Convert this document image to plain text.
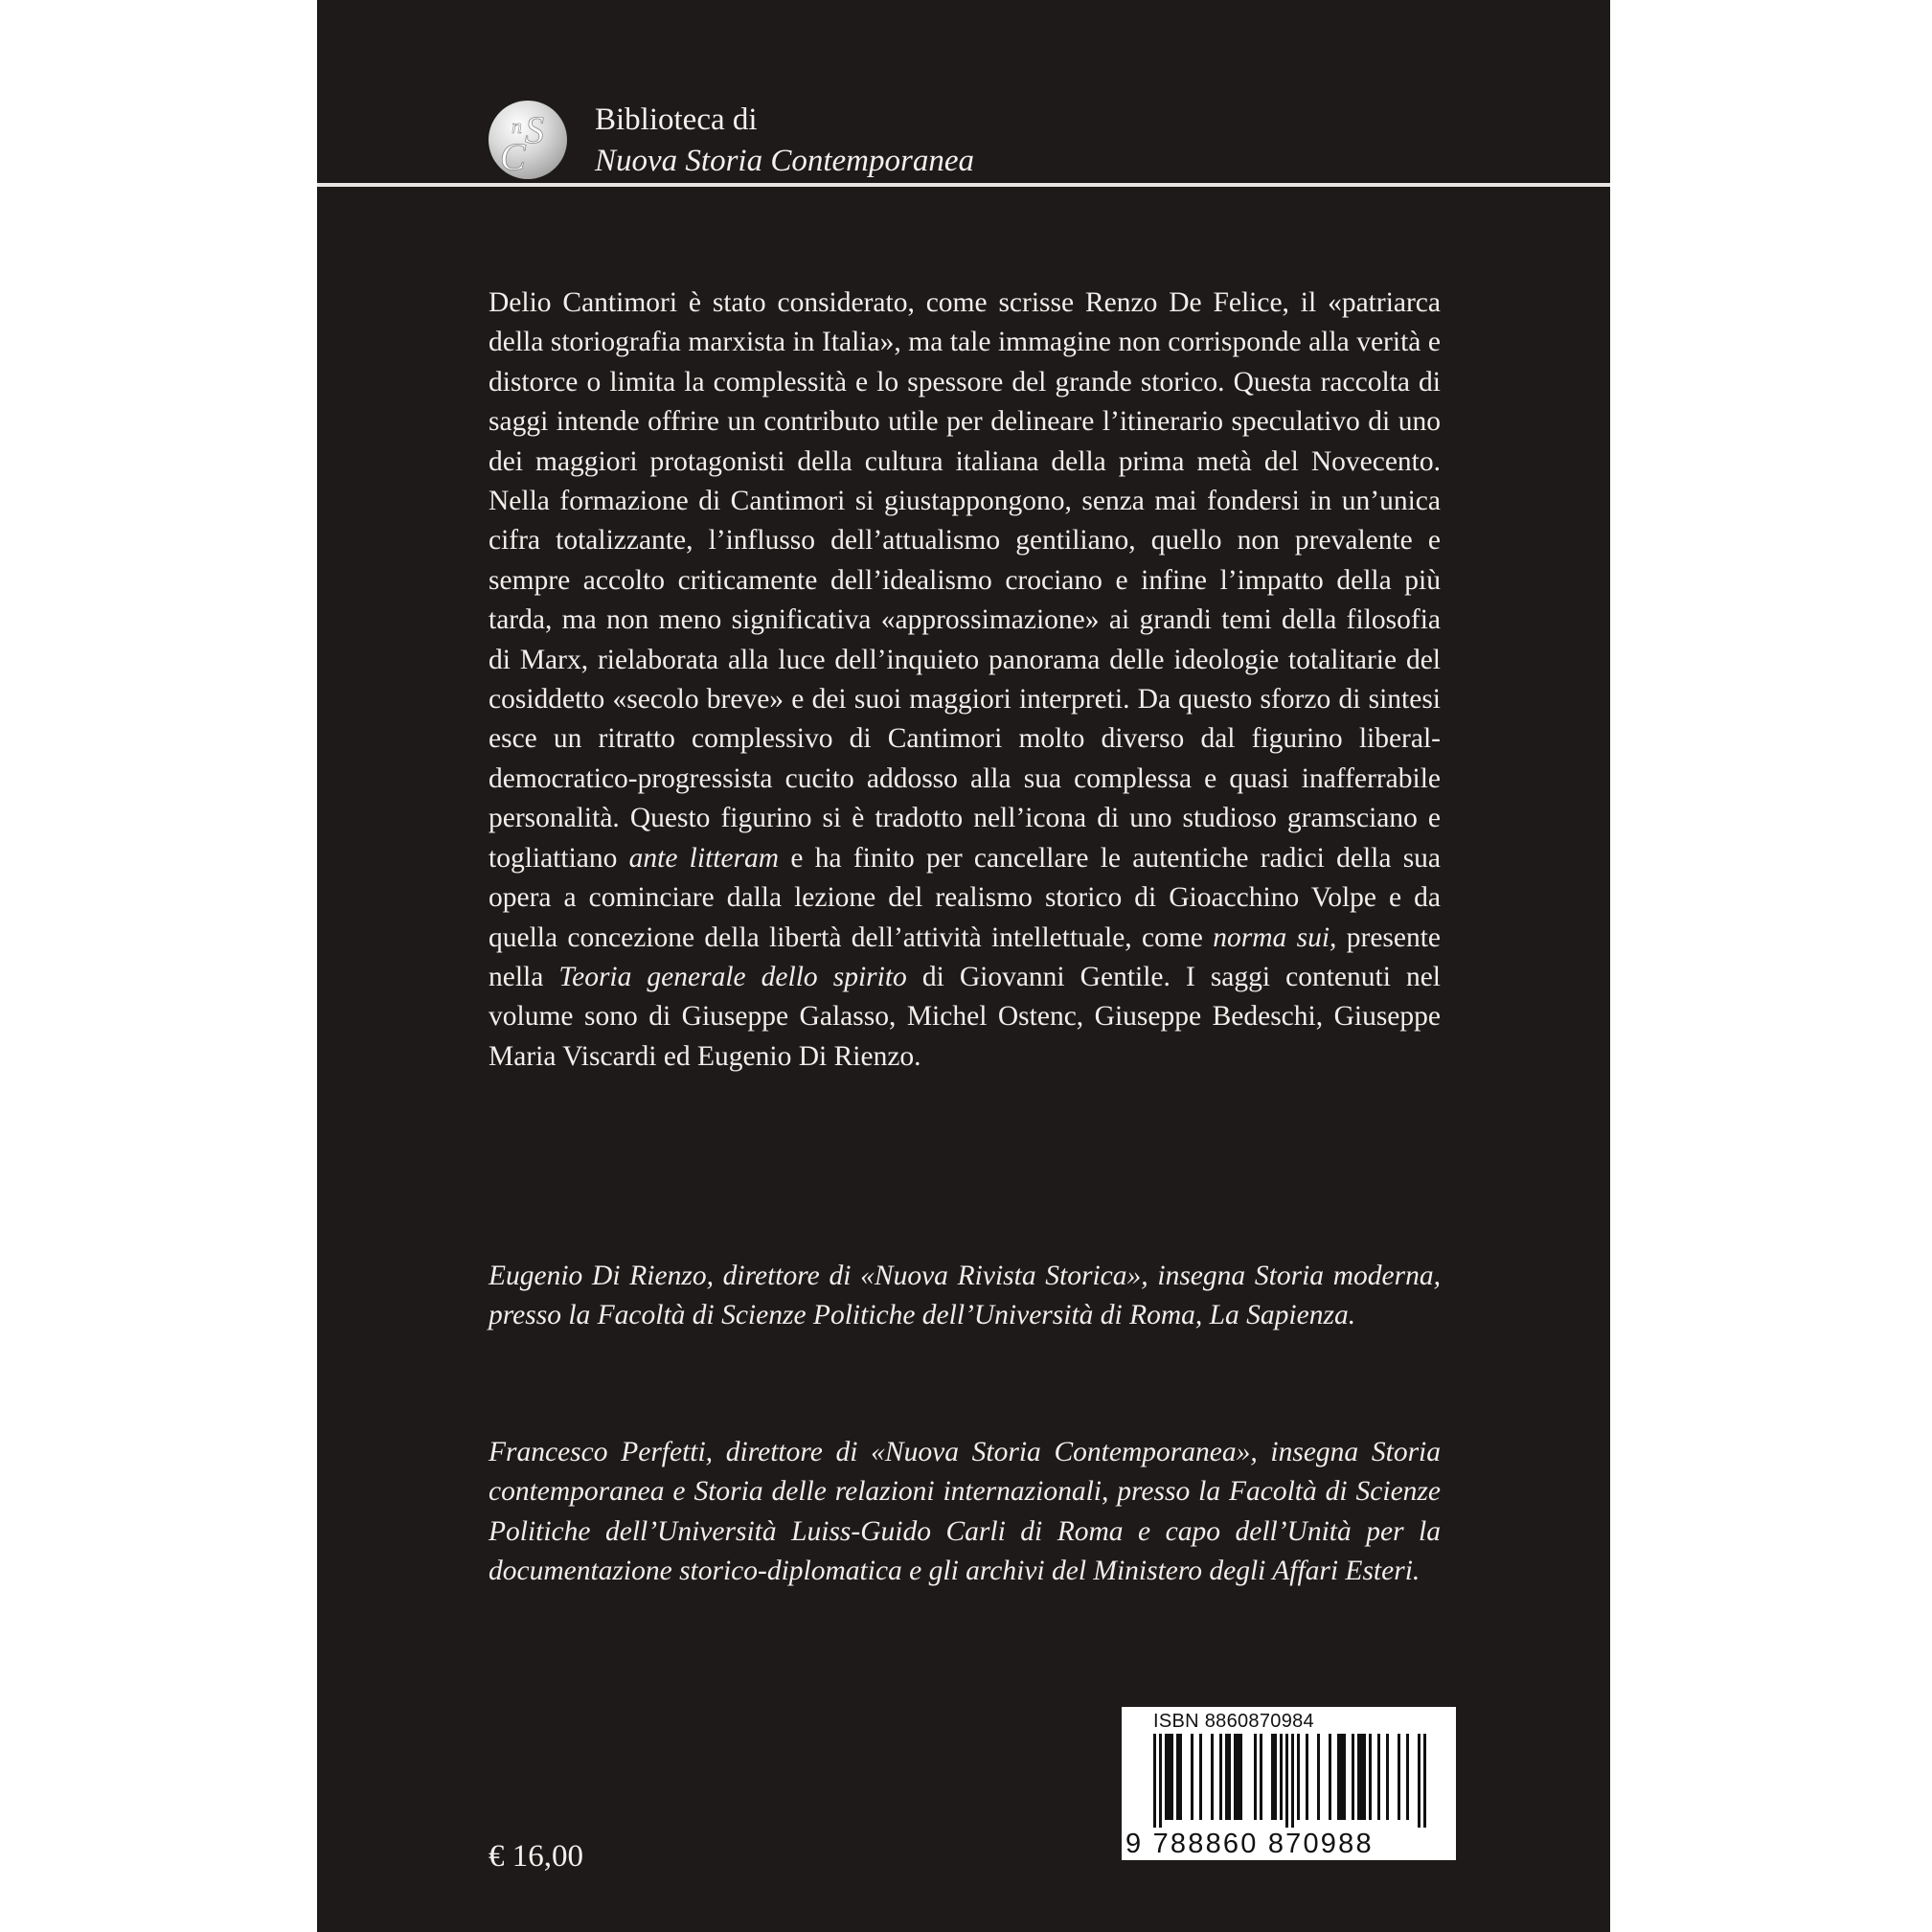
n S
C
Biblioteca di
Nuova Storia Contemporanea

Delio Cantimori è stato considerato, come scrisse Renzo De Felice, il «patriarca della storiografia marxista in Italia», ma tale immagine non corrisponde alla verità e distorce o limita la complessità e lo spessore del grande storico. Questa raccolta di saggi intende offrire un contributo utile per delineare l’itinerario speculativo di uno dei maggiori protagonisti della cultura italiana della prima metà del Novecento. Nella formazione di Cantimori si giustappongono, senza mai fondersi in un’unica cifra totalizzante, l’influsso dell’attualismo gentiliano, quello non prevalente e sempre accolto criticamente dell’idealismo crociano e infine l’impatto della più tarda, ma non meno significativa «approssimazione» ai grandi temi della filosofia di Marx, rielaborata alla luce dell’inquieto panorama delle ideologie totalitarie del cosiddetto «secolo breve» e dei suoi maggiori interpreti. Da questo sforzo di sintesi esce un ritratto complessivo di Cantimori molto diverso dal figurino liberal-democratico-progressista cucito addosso alla sua complessa e quasi inafferrabile personalità. Questo figurino si è tradotto nell’icona di uno studioso gramsciano e togliattiano ante litteram e ha finito per cancellare le autentiche radici della sua opera a cominciare dalla lezione del realismo storico di Gioacchino Volpe e da quella concezione della libertà dell’attività intellettuale, come norma sui, presente nella Teoria generale dello spirito di Giovanni Gentile. I saggi contenuti nel volume sono di Giuseppe Galasso, Michel Ostenc, Giuseppe Bedeschi, Giuseppe Maria Viscardi ed Eugenio Di Rienzo.

Eugenio Di Rienzo, direttore di «Nuova Rivista Storica», insegna Storia moderna, presso la Facoltà di Scienze Politiche dell’Università di Roma, La Sapienza.

Francesco Perfetti, direttore di «Nuova Storia Contemporanea», insegna Storia contemporanea e Storia delle relazioni internazionali, presso la Facoltà di Scienze Politiche dell’Università Luiss-Guido Carli di Roma e capo dell’Unità per la documentazione storico-diplomatica e gli archivi del Ministero degli Affari Esteri.

€ 16,00
ISBN 8860870984
9 788860 870988
